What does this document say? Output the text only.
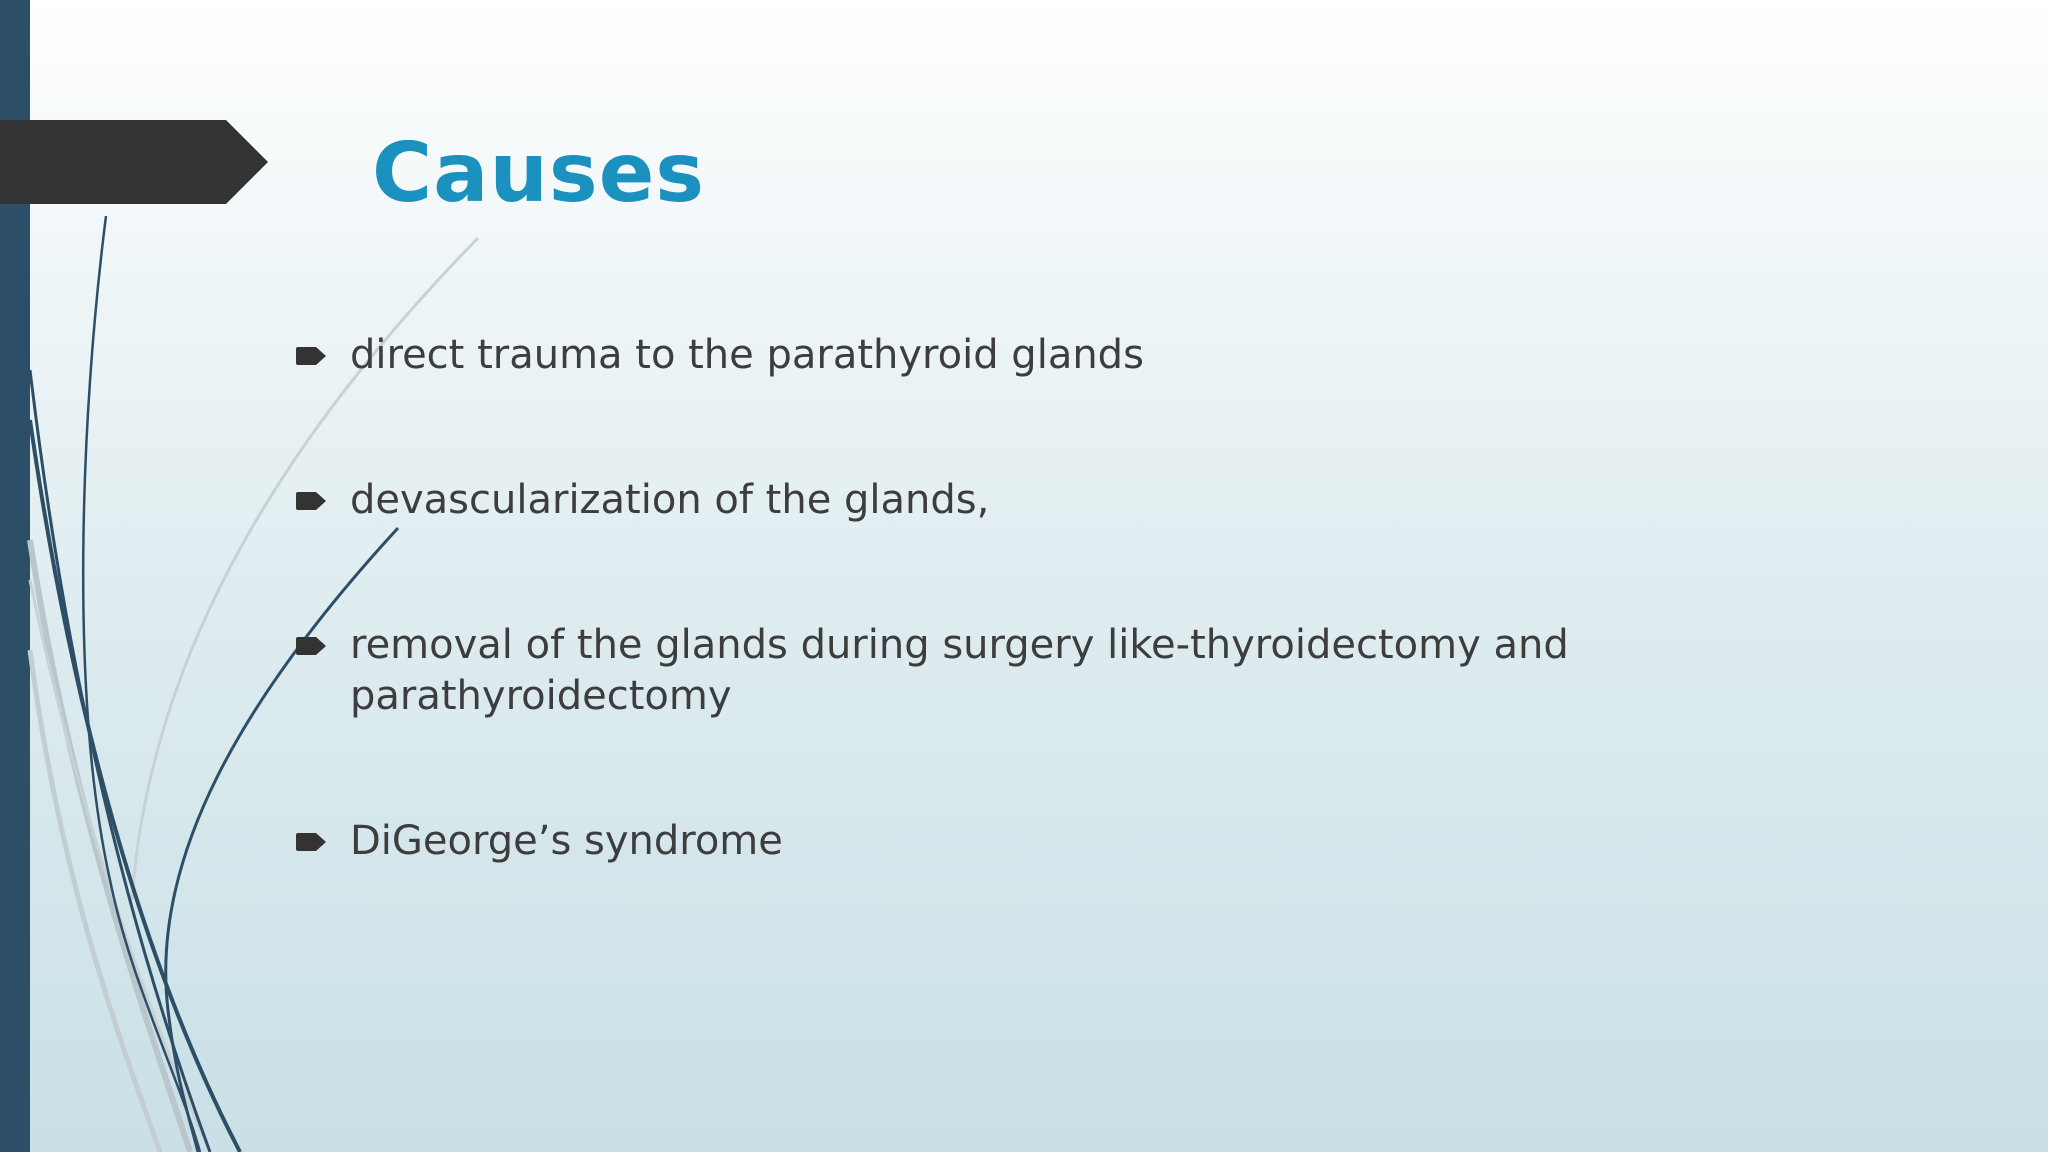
Causes
direct trauma to the parathyroid glands
devascularization of the glands,
removal of the glands during surgery like-thyroidectomy and parathyroidectomy
DiGeorge’s syndrome
